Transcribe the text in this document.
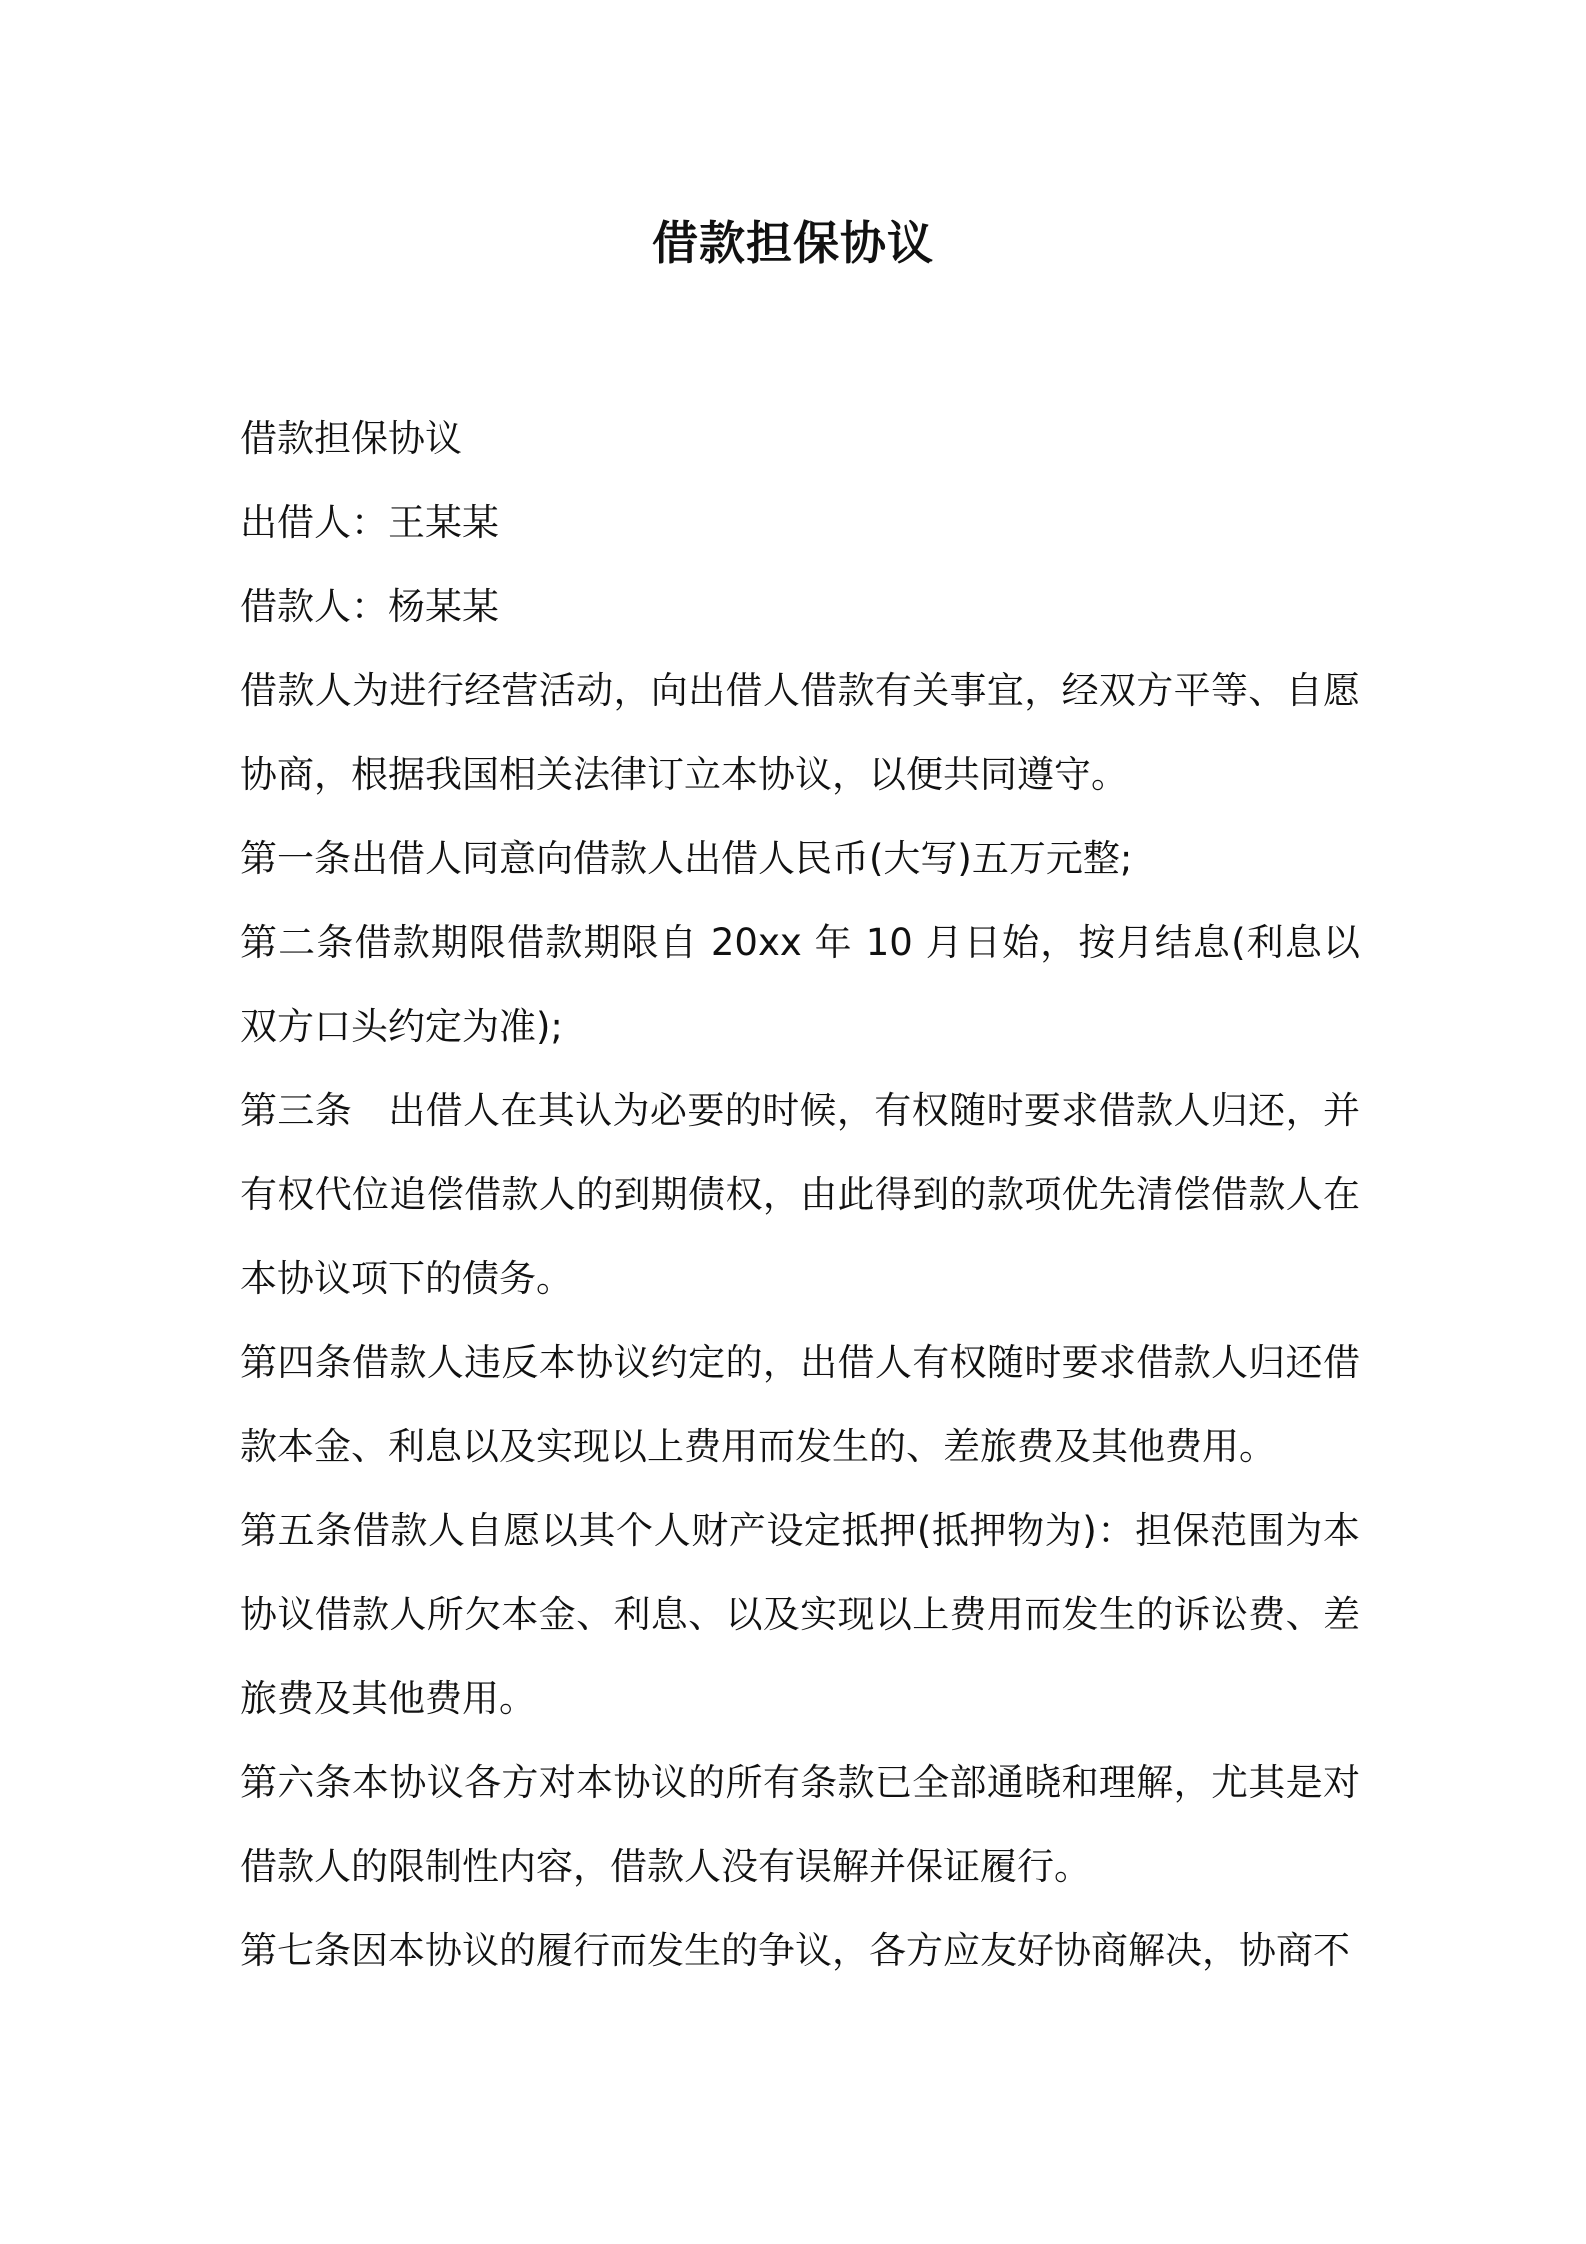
借款担保协议

借款担保协议

出借人：王某某

借款人：杨某某

借款人为进行经营活动，向出借人借款有关事宜，经双方平等、自愿协商，根据我国相关法律订立本协议，以便共同遵守。

第一条出借人同意向借款人出借人民币(大写)五万元整;

第二条借款期限借款期限自 20xx 年 10 月日始，按月结息(利息以双方口头约定为准);

第三条 出借人在其认为必要的时候，有权随时要求借款人归还，并有权代位追偿借款人的到期债权，由此得到的款项优先清偿借款人在本协议项下的债务。

第四条借款人违反本协议约定的，出借人有权随时要求借款人归还借款本金、利息以及实现以上费用而发生的、差旅费及其他费用。

第五条借款人自愿以其个人财产设定抵押(抵押物为)：担保范围为本协议借款人所欠本金、利息、以及实现以上费用而发生的诉讼费、差旅费及其他费用。

第六条本协议各方对本协议的所有条款已全部通晓和理解，尤其是对借款人的限制性内容，借款人没有误解并保证履行。

第七条因本协议的履行而发生的争议，各方应友好协商解决，协商不
